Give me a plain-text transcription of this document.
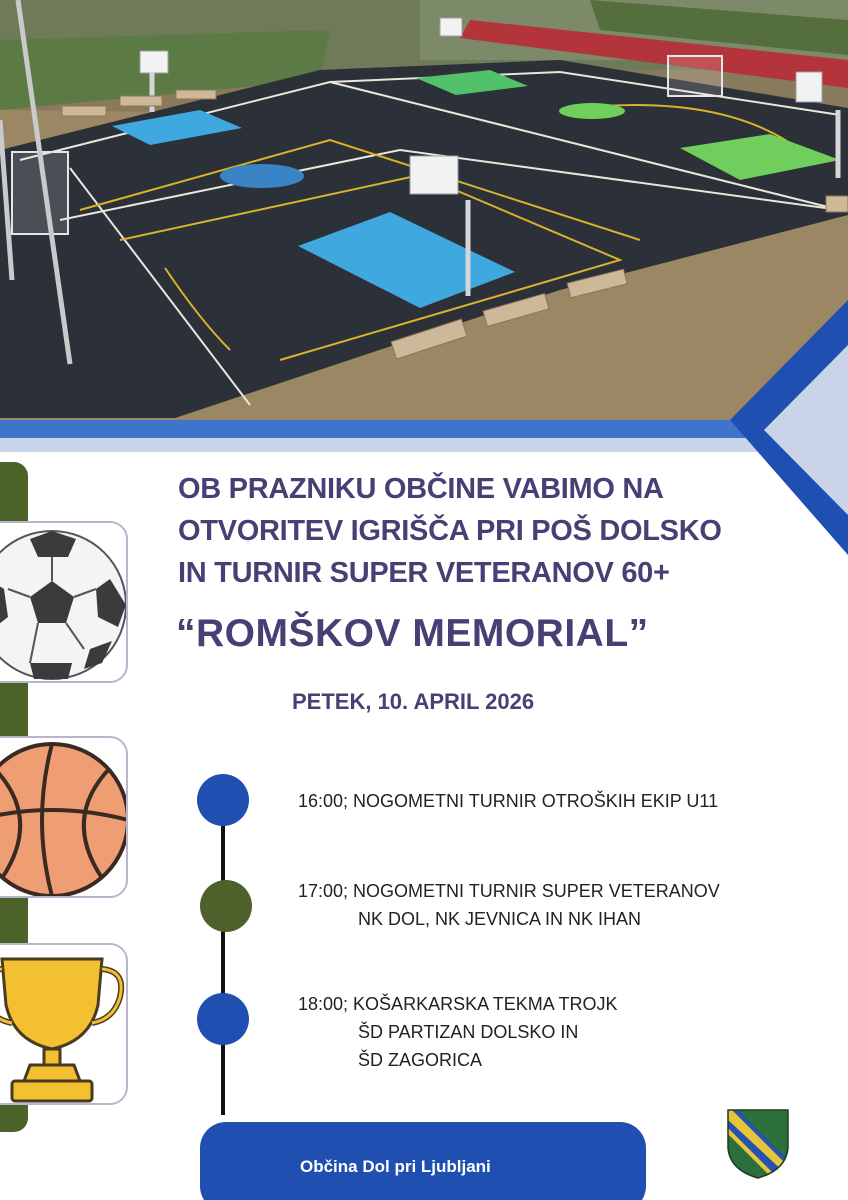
OB PRAZNIKU OBČINE VABIMO NA
OTVORITEV IGRIŠČA PRI POŠ DOLSKO
IN TURNIR SUPER VETERANOV 60+
“ROMŠKOV MEMORIAL”
PETEK, 10. APRIL 2026
16:00; NOGOMETNI TURNIR OTROŠKIH EKIP U11
17:00; NOGOMETNI TURNIR SUPER VETERANOV
NK DOL, NK JEVNICA IN NK IHAN
18:00; KOŠARKARSKA TEKMA TROJK
ŠD PARTIZAN DOLSKO IN
ŠD ZAGORICA
Občina Dol pri Ljubljani
